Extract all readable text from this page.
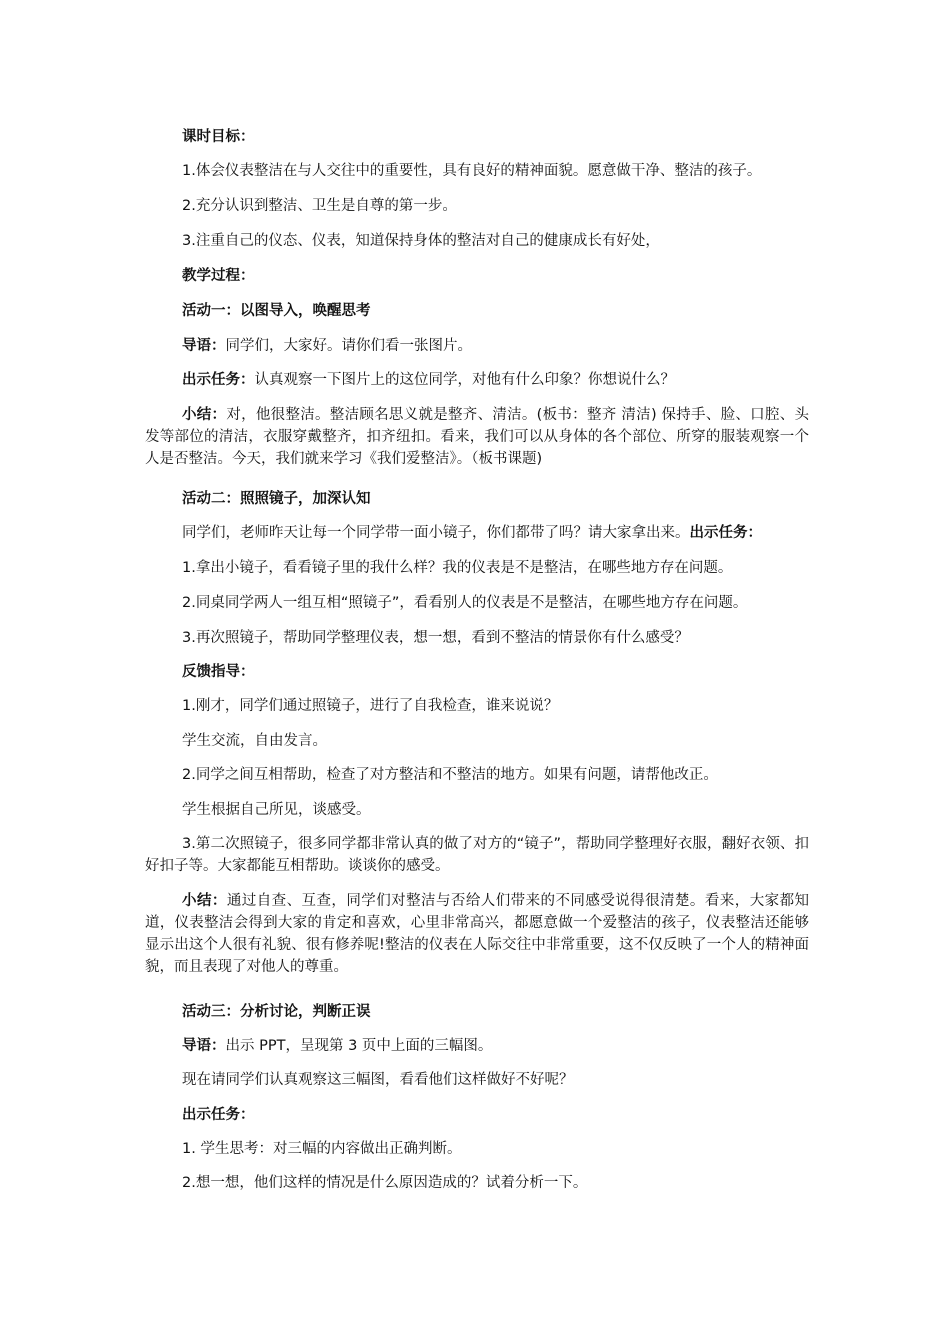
课时目标：
1.体会仪表整洁在与人交往中的重要性，具有良好的精神面貌。愿意做干净、整洁的孩子。
2.充分认识到整洁、卫生是自尊的第一步。
3.注重自己的仪态、仪表，知道保持身体的整洁对自己的健康成长有好处，
教学过程：
活动一：以图导入，唤醒思考
导语：同学们，大家好。请你们看一张图片。
出示任务：认真观察一下图片上的这位同学，对他有什么印象？你想说什么？
小结：对，他很整洁。整洁顾名思义就是整齐、清洁。(板书：整齐 清洁) 保持手、脸、口腔、头发等部位的清洁，衣服穿戴整齐，扣齐纽扣。看来，我们可以从身体的各个部位、所穿的服装观察一个人是否整洁。今天，我们就来学习《我们爱整洁》。（板书课题)
活动二：照照镜子，加深认知
同学们，老师昨天让每一个同学带一面小镜子，你们都带了吗？请大家拿出来。出示任务：
1.拿出小镜子，看看镜子里的我什么样？我的仪表是不是整洁，在哪些地方存在问题。
2.同桌同学两人一组互相“照镜子”，看看别人的仪表是不是整洁，在哪些地方存在问题。
3.再次照镜子，帮助同学整理仪表，想一想，看到不整洁的情景你有什么感受？
反馈指导：
1.刚才，同学们通过照镜子，进行了自我检查，谁来说说？
学生交流，自由发言。
2.同学之间互相帮助，检查了对方整洁和不整洁的地方。如果有问题，请帮他改正。
学生根据自己所见，谈感受。
3.第二次照镜子，很多同学都非常认真的做了对方的“镜子”，帮助同学整理好衣服，翻好衣领、扣好扣子等。大家都能互相帮助。谈谈你的感受。
小结：通过自查、互查，同学们对整洁与否给人们带来的不同感受说得很清楚。看来，大家都知道，仪表整洁会得到大家的肯定和喜欢，心里非常高兴，都愿意做一个爱整洁的孩子，仪表整洁还能够显示出这个人很有礼貌、很有修养呢!整洁的仪表在人际交往中非常重要，这不仅反映了一个人的精神面貌，而且表现了对他人的尊重。
活动三：分析讨论，判断正误
导语：出示 PPT，呈现第 3 页中上面的三幅图。
现在请同学们认真观察这三幅图，看看他们这样做好不好呢？
出示任务：
1. 学生思考：对三幅的内容做出正确判断。
2.想一想，他们这样的情况是什么原因造成的？试着分析一下。
